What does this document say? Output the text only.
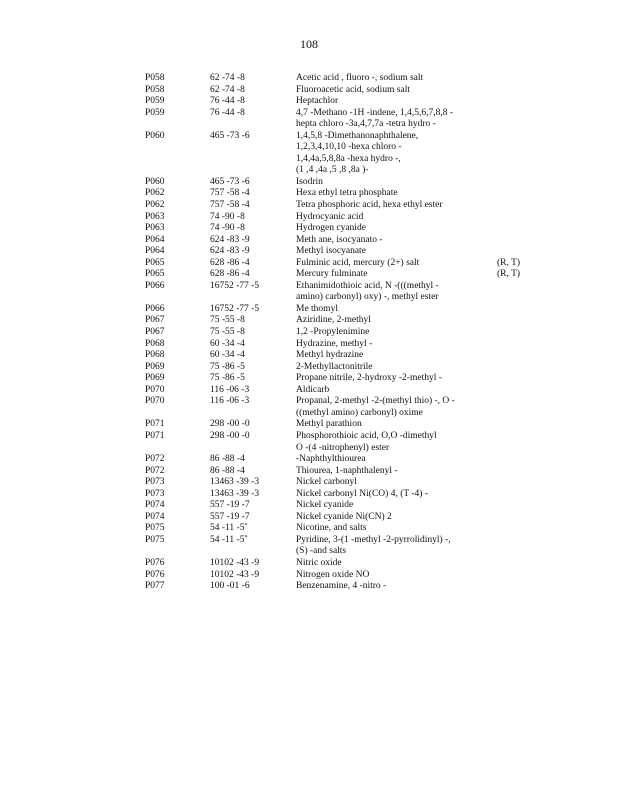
108
P058	62 -74 -8	Acetic acid , fluoro -, sodium salt
P058	62 -74 -8	Fluoroacetic acid, sodium salt
P059	76 -44 -8	Heptachlor
P059	76 -44 -8	4,7 -Methano -1H -indene, 1,4,5,6,7,8,8 -
hepta chloro -3a,4,7,7a -tetra hydro -
P060	465 -73 -6	1,4,5,8 -Dimethanonaphthalene,
1,2,3,4,10,10 -hexa chloro -
1,4,4a,5,8,8a -hexa hydro -,
(1 ,4 ,4a ,5 ,8 ,8a )-
P060	465 -73 -6	Isodrin
P062	757 -58 -4	Hexa ethyl tetra phosphate
P062	757 -58 -4	Tetra phosphoric acid, hexa ethyl ester
P063	74 -90 -8	Hydrocyanic acid
P063	74 -90 -8	Hydrogen cyanide
P064	624 -83 -9	Meth ane, isocyanato -
P064	624 -83 -9	Methyl isocyanate
P065	628 -86 -4	Fulminic acid, mercury (2+) salt	(R, T)
P065	628 -86 -4	Mercury fulminate	(R, T)
P066	16752 -77 -5	Ethanimidothioic acid, N -(((methyl -
amino) carbonyl) oxy) -, methyl ester
P066	16752 -77 -5	Me thomyl
P067	75 -55 -8	Aziridine, 2-methyl
P067	75 -55 -8	1,2 -Propylenimine
P068	60 -34 -4	Hydrazine, methyl -
P068	60 -34 -4	Methyl hydrazine
P069	75 -86 -5	2-Methyllactonitrile
P069	75 -86 -5	Propane nitrile, 2-hydroxy -2-methyl -
P070	116 -06 -3	Aldicarb
P070	116 -06 -3	Propanal, 2-methyl -2-(methyl thio) -, O -
((methyl amino) carbonyl) oxime
P071	298 -00 -0	Methyl parathion
P071	298 -00 -0	Phosphorothioic acid, O,O -dimethyl
O -(4 -nitrophenyl) ester
P072	86 -88 -4	-Naphthylthiourea
P072	86 -88 -4	Thiourea, 1-naphthalenyl -
P073	13463 -39 -3	Nickel carbonyl
P073	13463 -39 -3	Nickel carbonyl Ni(CO) 4, (T -4) -
P074	557 -19 -7	Nickel cyanide
P074	557 -19 -7	Nickel cyanide Ni(CN) 2
P075	54 -11 -5*	Nicotine, and salts
P075	54 -11 -5*	Pyridine, 3-(1 -methyl -2-pyrrolidinyl) -,
(S) -and salts
P076	10102 -43 -9	Nitric oxide
P076	10102 -43 -9	Nitrogen oxide NO
P077	100 -01 -6	Benzenamine, 4 -nitro -
